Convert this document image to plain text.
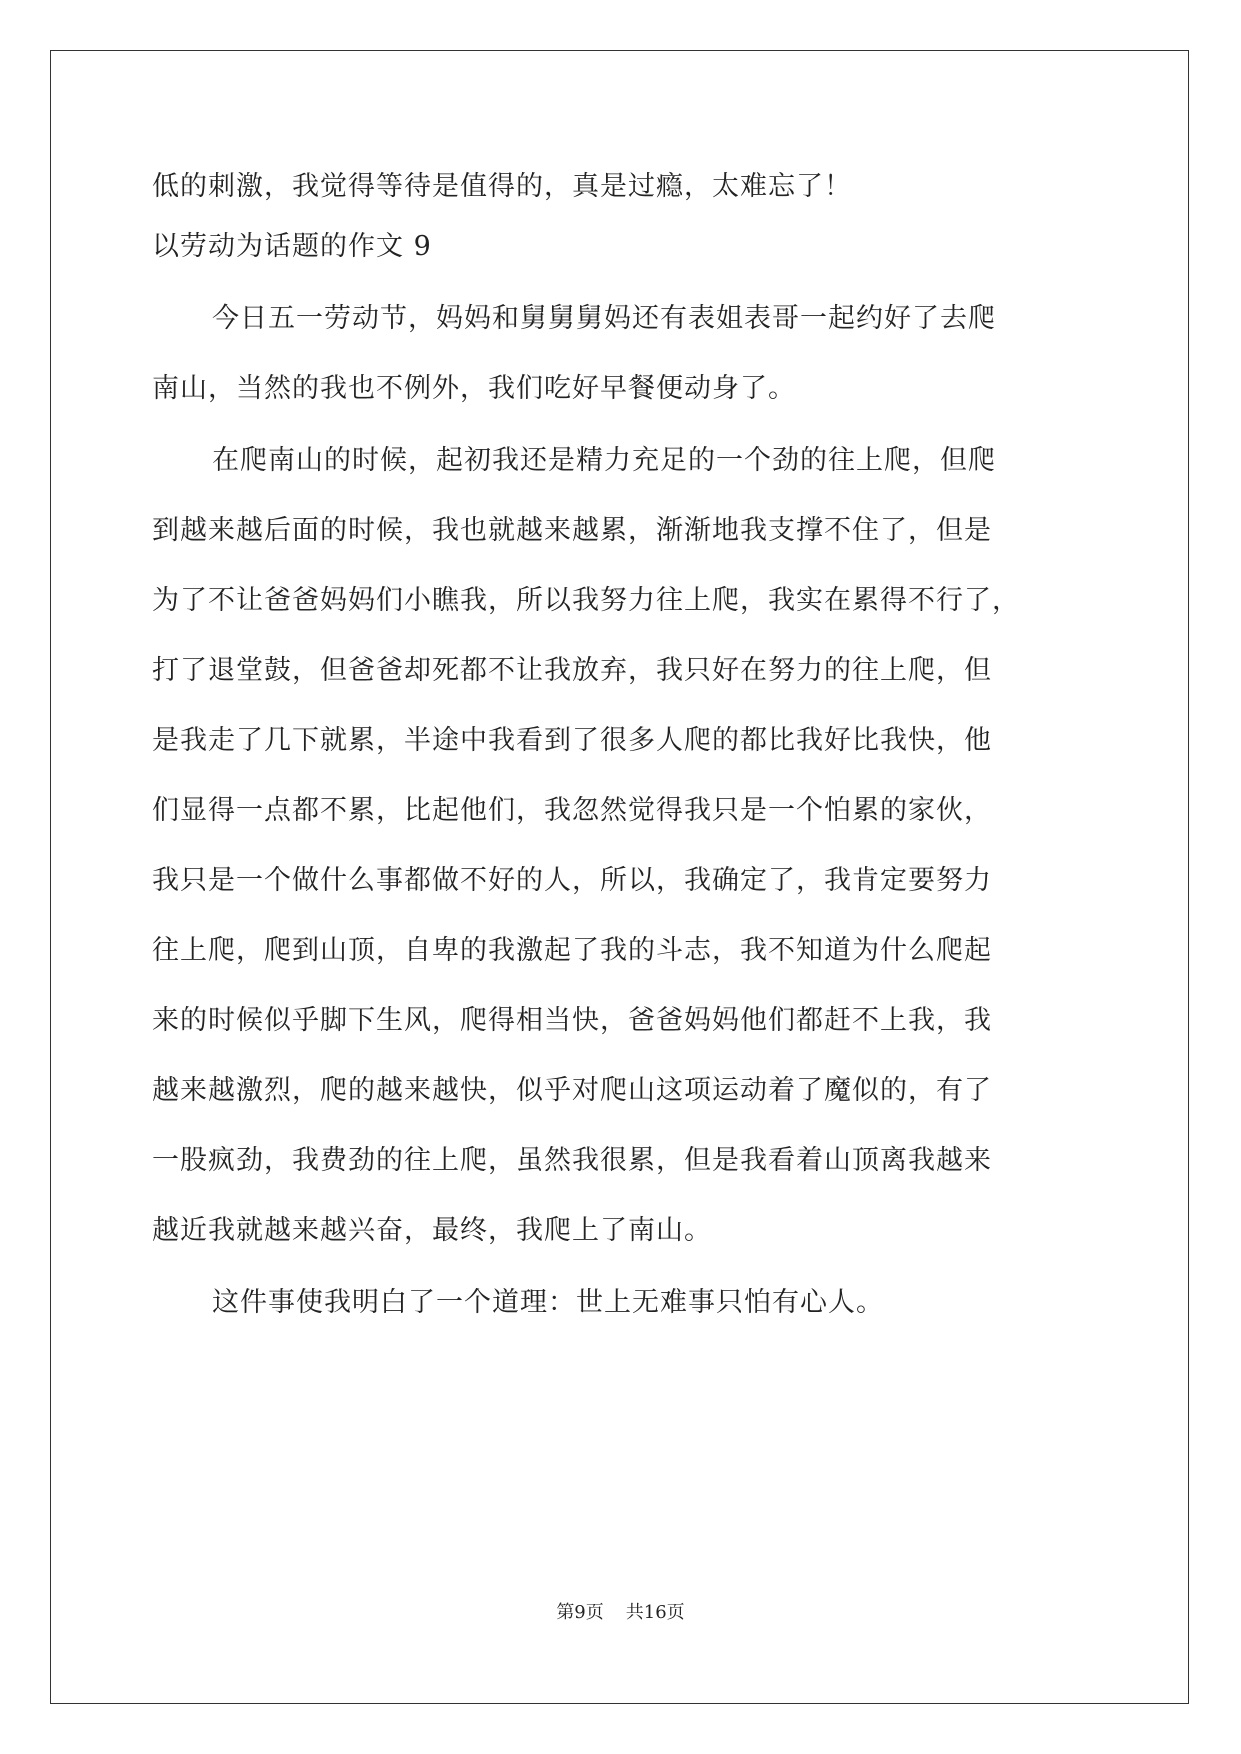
低的刺激，我觉得等待是值得的，真是过瘾，太难忘了！
以劳动为话题的作文 9
今日五一劳动节，妈妈和舅舅舅妈还有表姐表哥一起约好了去爬
南山，当然的我也不例外，我们吃好早餐便动身了。
在爬南山的时候，起初我还是精力充足的一个劲的往上爬，但爬
到越来越后面的时候，我也就越来越累，渐渐地我支撑不住了，但是
为了不让爸爸妈妈们小瞧我，所以我努力往上爬，我实在累得不行了，
打了退堂鼓，但爸爸却死都不让我放弃，我只好在努力的往上爬，但
是我走了几下就累，半途中我看到了很多人爬的都比我好比我快，他
们显得一点都不累，比起他们，我忽然觉得我只是一个怕累的家伙，
我只是一个做什么事都做不好的人，所以，我确定了，我肯定要努力
往上爬，爬到山顶，自卑的我激起了我的斗志，我不知道为什么爬起
来的时候似乎脚下生风，爬得相当快，爸爸妈妈他们都赶不上我，我
越来越激烈，爬的越来越快，似乎对爬山这项运动着了魔似的，有了
一股疯劲，我费劲的往上爬，虽然我很累，但是我看着山顶离我越来
越近我就越来越兴奋，最终，我爬上了南山。
这件事使我明白了一个道理：世上无难事只怕有心人。
第9页 共16页
